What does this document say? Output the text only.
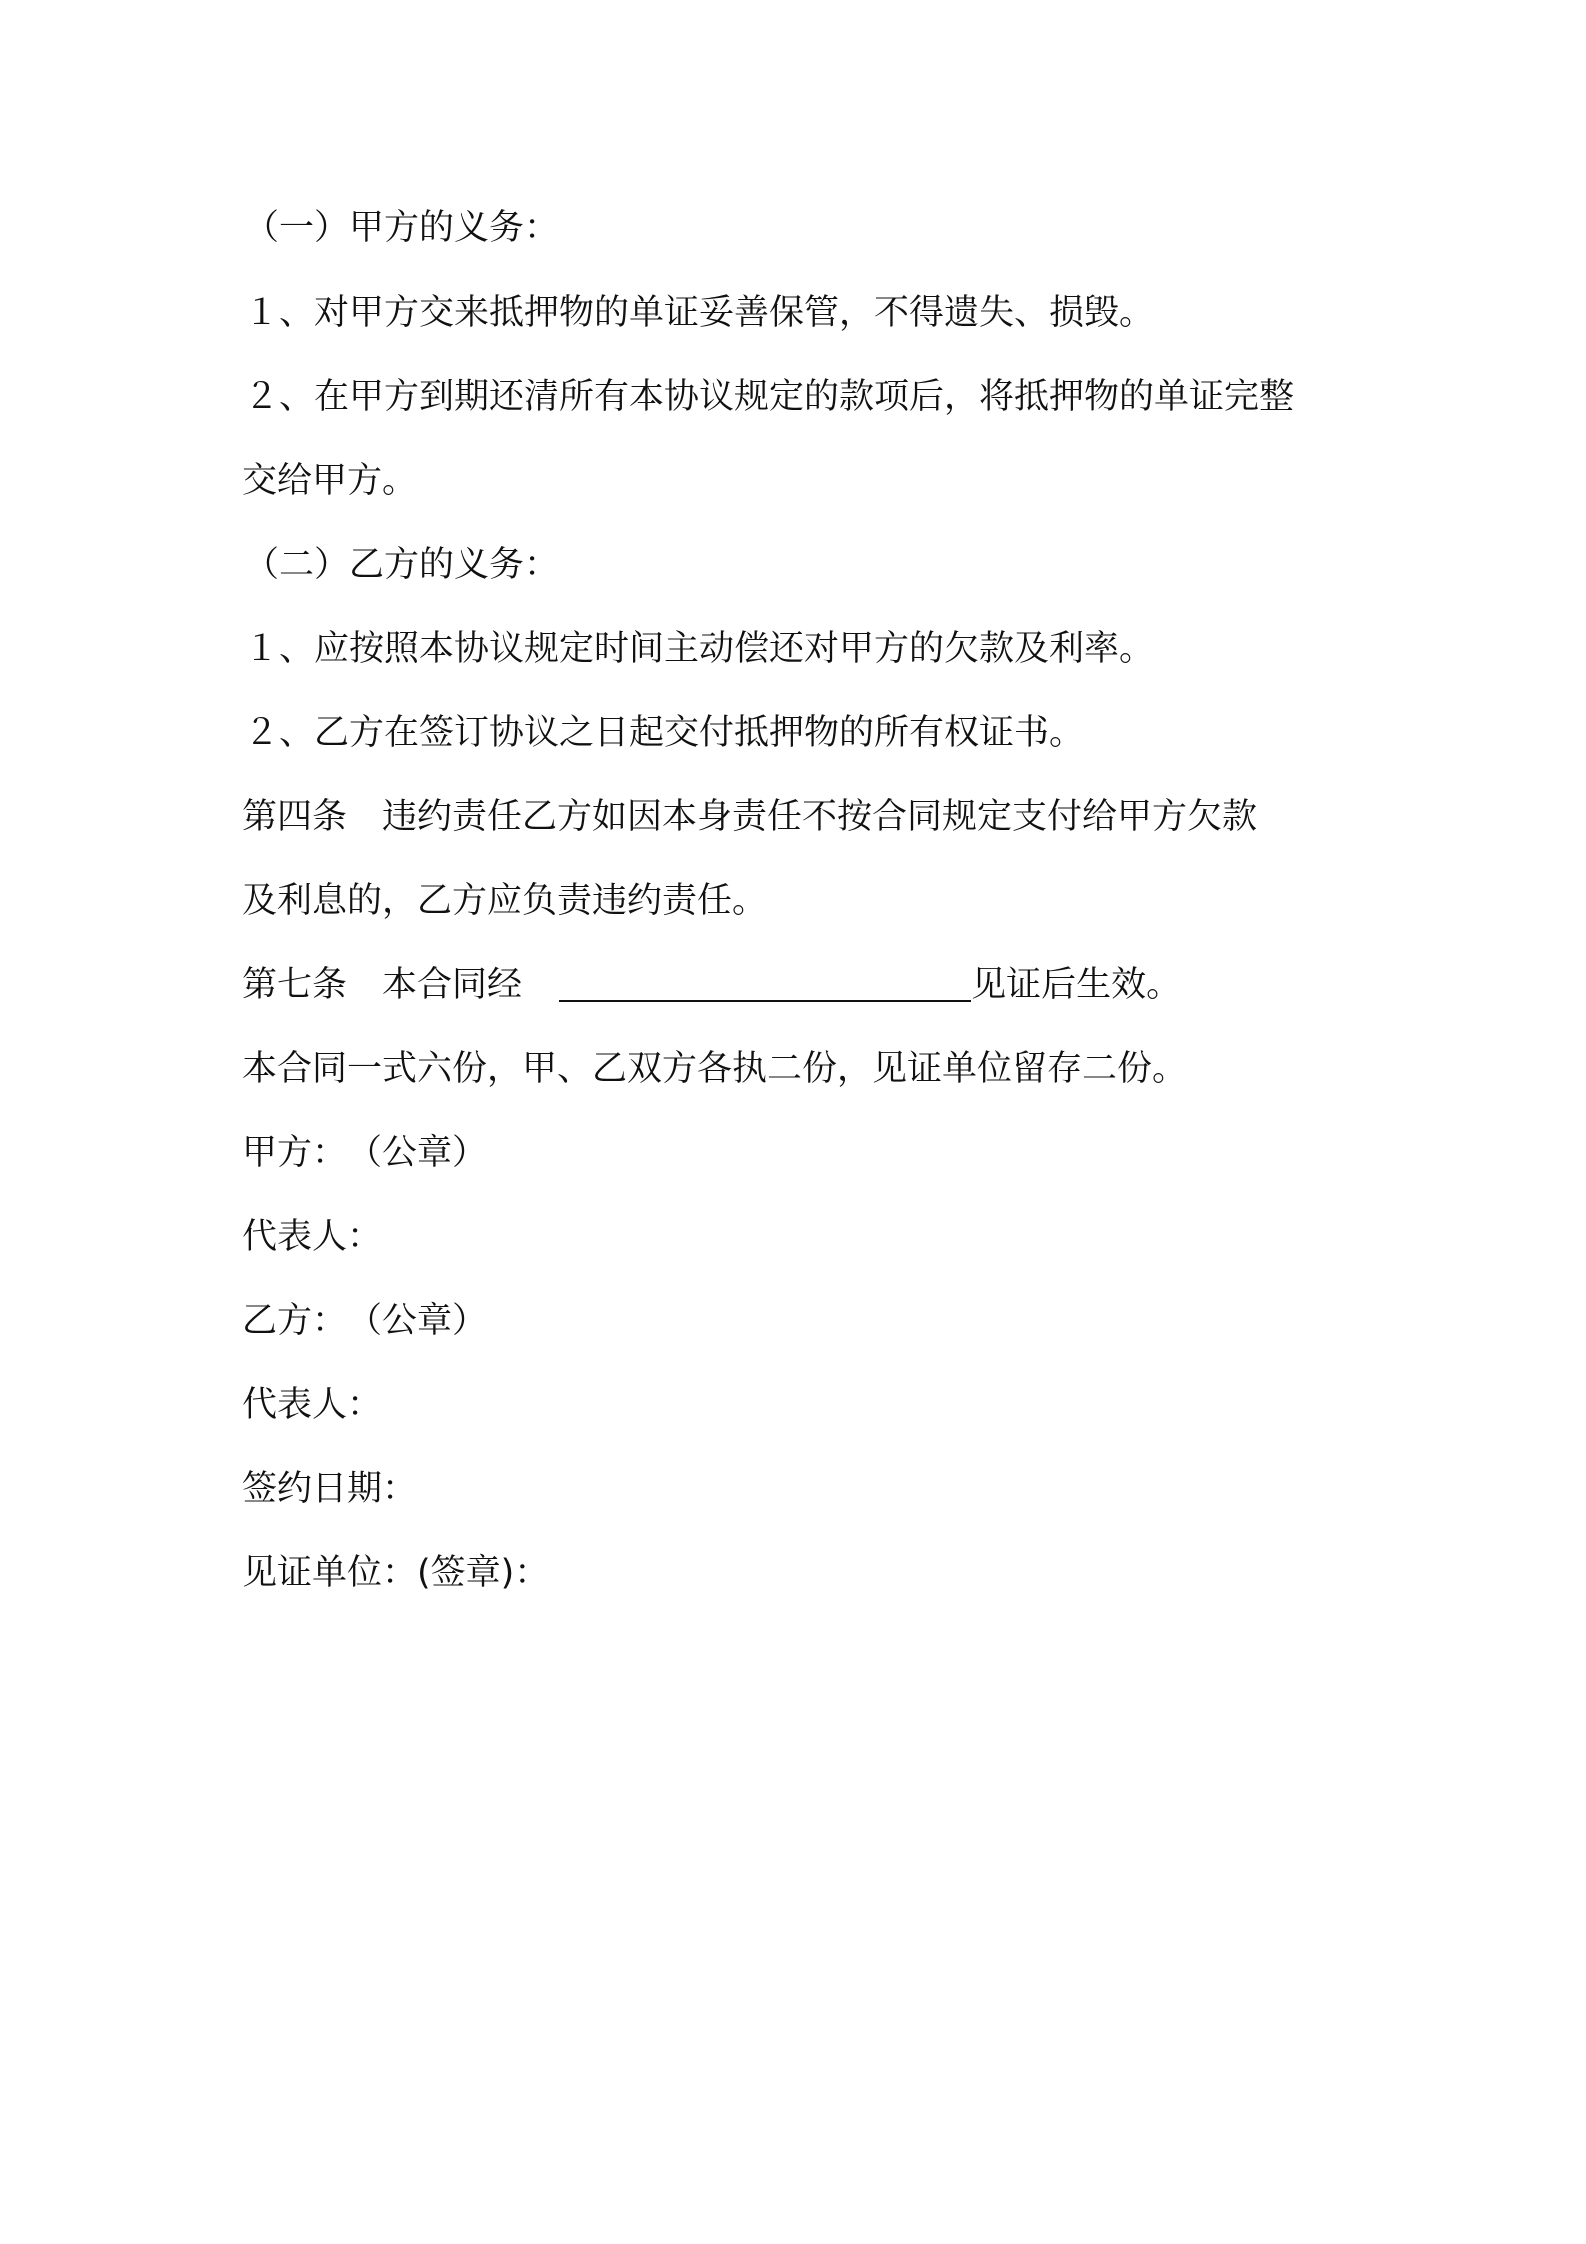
（一）甲方的义务：
１、对甲方交来抵押物的单证妥善保管，不得遗失、损毁。
２、在甲方到期还清所有本协议规定的款项后，将抵押物的单证完整
交给甲方。
（二）乙方的义务：
１、应按照本协议规定时间主动偿还对甲方的欠款及利率。
２、乙方在签订协议之日起交付抵押物的所有权证书。
第四条　违约责任乙方如因本身责任不按合同规定支付给甲方欠款
及利息的，乙方应负责违约责任。
第七条　本合同经	见证后生效。
本合同一式六份，甲、乙双方各执二份，见证单位留存二份。
甲方：　（公章）
代表人：
乙方：　（公章）
代表人：
签约日期：
见证单位：(签章)：
